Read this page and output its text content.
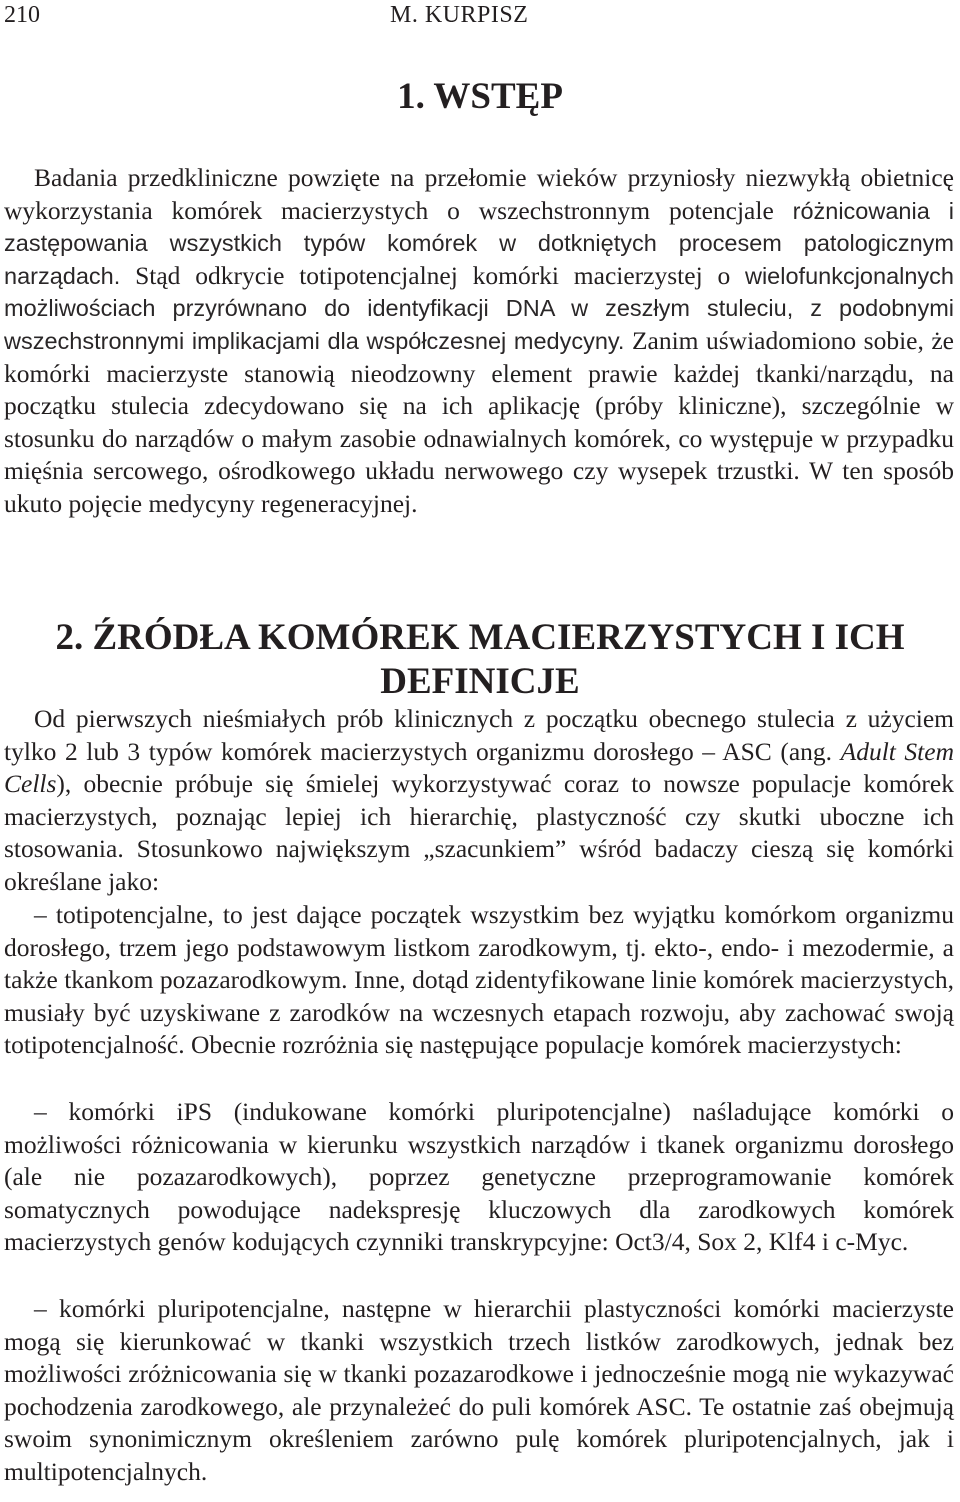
210	M. KURPISZ
1. WSTĘP

Badania przedkliniczne powzięte na przełomie wieków przyniosły niezwykłą obietnicę wykorzystania komórek macierzystych o wszechstronnym potencjale różnicowania i zastępowania wszystkich typów komórek w dotkniętych procesem patologicznym narządach. Stąd odkrycie totipotencjalnej komórki macierzystej o wielofunkcjonalnych możliwościach przyrównano do identyfikacji DNA w zeszłym stuleciu, z podobnymi wszechstronnymi implikacjami dla współczesnej medycyny. Zanim uświadomiono sobie, że komórki macierzyste stanowią nieodzowny element prawie każdej tkanki/narządu, na początku stulecia zdecydowano się na ich aplikację (próby kliniczne), szczególnie w stosunku do narządów o małym zasobie odnawialnych komórek, co występuje w przypadku mięśnia sercowego, ośrodkowego układu nerwowego czy wysepek trzustki. W ten sposób ukuto pojęcie medycyny regeneracyjnej.

2. ŹRÓDŁA KOMÓREK MACIERZYSTYCH I ICH DEFINICJE

Od pierwszych nieśmiałych prób klinicznych z początku obecnego stulecia z użyciem tylko 2 lub 3 typów komórek macierzystych organizmu dorosłego – ASC (ang. Adult Stem Cells), obecnie próbuje się śmielej wykorzystywać coraz to nowsze populacje komórek macierzystych, poznając lepiej ich hierarchię, plastyczność czy skutki uboczne ich stosowania. Stosunkowo największym „szacunkiem” wśród badaczy cieszą się komórki określane jako:

– totipotencjalne, to jest dające początek wszystkim bez wyjątku komórkom organizmu dorosłego, trzem jego podstawowym listkom zarodkowym, tj. ekto-, endo- i mezodermie, a także tkankom pozazarodkowym. Inne, dotąd zidentyfikowane linie komórek macierzystych, musiały być uzyskiwane z zarodków na wczesnych etapach rozwoju, aby zachować swoją totipotencjalność. Obecnie rozróżnia się następujące populacje komórek macierzystych:

– komórki iPS (indukowane komórki pluripotencjalne) naśladujące komórki o możliwości różnicowania w kierunku wszystkich narządów i tkanek organizmu dorosłego (ale nie pozazarodkowych), poprzez genetyczne przeprogramowanie komórek somatycznych powodujące nadekspresję kluczowych dla zarodkowych komórek macierzystych genów kodujących czynniki transkrypcyjne: Oct3/4, Sox 2, Klf4 i c-Myc.

– komórki pluripotencjalne, następne w hierarchii plastyczności komórki macierzyste mogą się kierunkować w tkanki wszystkich trzech listków zarodkowych, jednak bez możliwości zróżnicowania się w tkanki pozazarodkowe i jednocześnie mogą nie wykazywać pochodzenia zarodkowego, ale przynależeć do puli komórek ASC. Te ostatnie zaś obejmują swoim synonimicznym określeniem zarówno pulę komórek pluripotencjalnych, jak i multipotencjalnych.
